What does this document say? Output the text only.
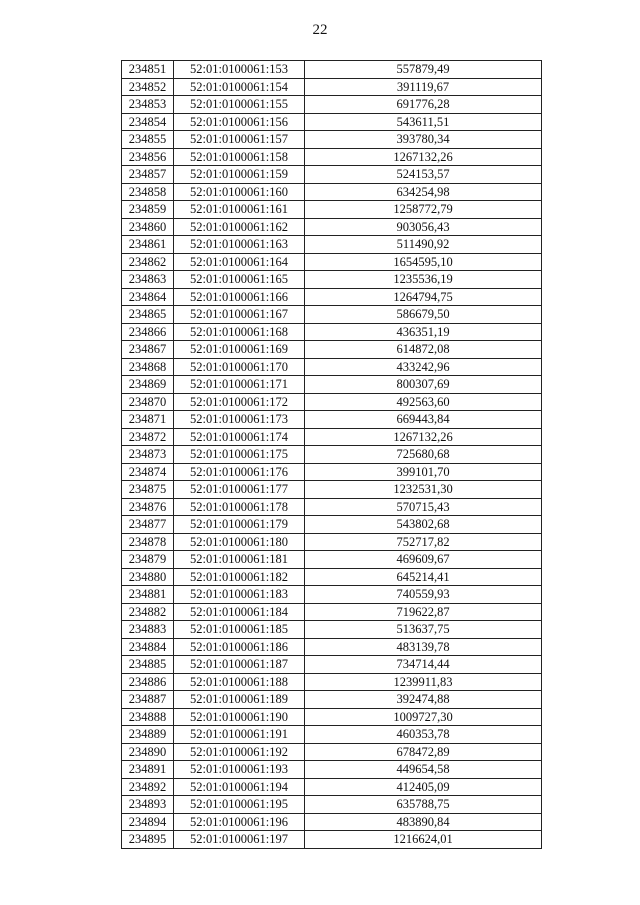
22
234851	52:01:0100061:153	557879,49
234852	52:01:0100061:154	391119,67
234853	52:01:0100061:155	691776,28
234854	52:01:0100061:156	543611,51
234855	52:01:0100061:157	393780,34
234856	52:01:0100061:158	1267132,26
234857	52:01:0100061:159	524153,57
234858	52:01:0100061:160	634254,98
234859	52:01:0100061:161	1258772,79
234860	52:01:0100061:162	903056,43
234861	52:01:0100061:163	511490,92
234862	52:01:0100061:164	1654595,10
234863	52:01:0100061:165	1235536,19
234864	52:01:0100061:166	1264794,75
234865	52:01:0100061:167	586679,50
234866	52:01:0100061:168	436351,19
234867	52:01:0100061:169	614872,08
234868	52:01:0100061:170	433242,96
234869	52:01:0100061:171	800307,69
234870	52:01:0100061:172	492563,60
234871	52:01:0100061:173	669443,84
234872	52:01:0100061:174	1267132,26
234873	52:01:0100061:175	725680,68
234874	52:01:0100061:176	399101,70
234875	52:01:0100061:177	1232531,30
234876	52:01:0100061:178	570715,43
234877	52:01:0100061:179	543802,68
234878	52:01:0100061:180	752717,82
234879	52:01:0100061:181	469609,67
234880	52:01:0100061:182	645214,41
234881	52:01:0100061:183	740559,93
234882	52:01:0100061:184	719622,87
234883	52:01:0100061:185	513637,75
234884	52:01:0100061:186	483139,78
234885	52:01:0100061:187	734714,44
234886	52:01:0100061:188	1239911,83
234887	52:01:0100061:189	392474,88
234888	52:01:0100061:190	1009727,30
234889	52:01:0100061:191	460353,78
234890	52:01:0100061:192	678472,89
234891	52:01:0100061:193	449654,58
234892	52:01:0100061:194	412405,09
234893	52:01:0100061:195	635788,75
234894	52:01:0100061:196	483890,84
234895	52:01:0100061:197	1216624,01
